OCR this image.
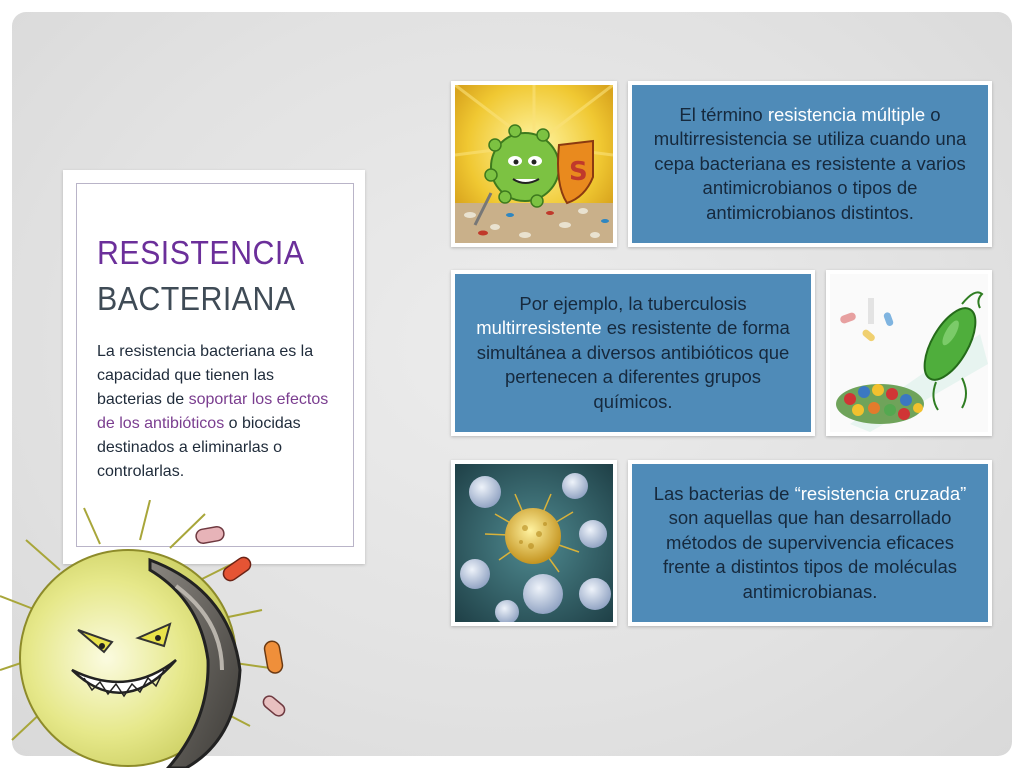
RESISTENCIA
BACTERIANA
La resistencia bacteriana es la capacidad que tienen las bacterias de soportar los efectos de los antibióticos o biocidas destinados a eliminarlas o controlarlas.
S
El término resistencia múltiple o multirresistencia se utiliza cuando una cepa bacteriana es resistente a varios antimicrobianos o tipos de antimicrobianos distintos.
Por ejemplo, la tuberculosis multirresistente es resistente de forma simultánea a diversos antibióticos que pertenecen a diferentes grupos químicos.
Las bacterias de “resistencia cruzada” son aquellas que han desarrollado métodos de supervivencia eficaces frente a distintos tipos de moléculas antimicrobianas.
